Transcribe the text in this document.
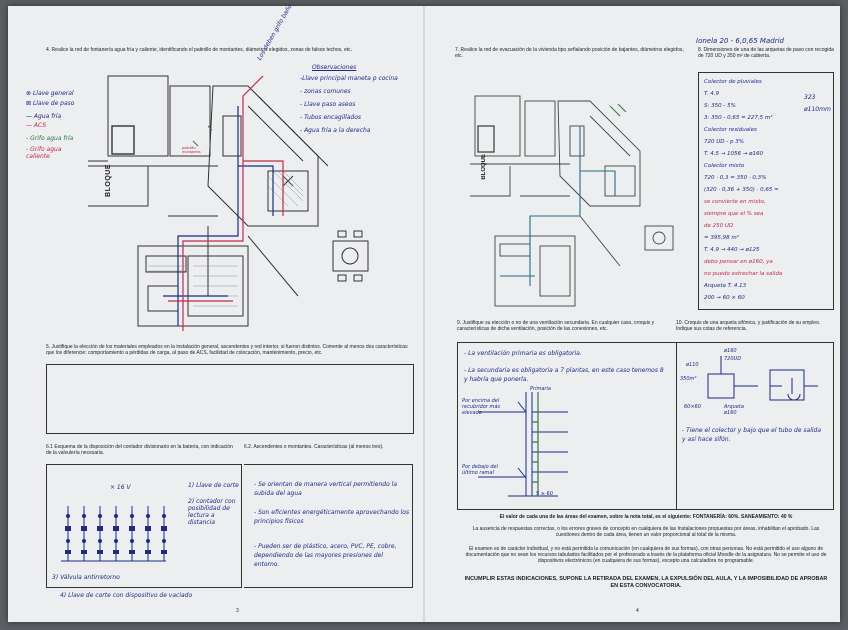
4. Realice la red de fontanería agua fría y caliente, identificando el patinillo de montantes, diámetros elegidos, zonas de falsos techos, etc.
BLOQUE
patinillo montantes
Los deben grifo baño
⊗ Llave general
⊠ Llave de paso
— Agua fría
— ACS
- Grifo agua fría
- Grifo agua caliente
Observaciones
-Llave principal maneta p cocina
- zonas comunes
- Llave paso aseos
- Tubos encagillados
- Agua fría a la derecha
5. Justifique la elección de los materiales empleados en la instalación general, ascendentes y red interior, si fueron distintos. Comente al menos dos características que los diferencie: comportamiento a pérdidas de carga, al paso de ACS, facilidad de colocación, mantenimiento, precio, etc.
6.1 Esquema de la disposición del contador divisionario en la batería, con indicación de la valvulería necesaria.
6.2. Ascendentes o montantes. Características (al menos tres).
× 16 V	1) Llave de corte
2) contador con posibilidad de lectura a distancia
3) Válvula antirretorno
4) Llave de corte con dispositivo de vaciado
- Se orientan de manera vertical permitiendo la subida del agua
- Son eficientes energéticamente aprovechando los principios físicos
- Pueden ser de plástico, acero, PVC, PE, cobre, dependiendo de las mayores presiones del entorno.
3
Ionela 20 - 6,0,65 Madrid
7. Realice la red de evacuación de la vivienda tipo señalando posición de bajantes, diámetros elegidos, etc.
8. Dimensiones de una de las arquetas de paso con recogida de 720 UD y 350 m² de cubierta.
BLOQUE
Colector de pluviales
T. 4.9
S: 350 - 5%
3: 350 - 0,65 = 227,5 m²
Colector residuales
720 UD - p 3%
T. 4.5 → 1056 → ø160
Colector mixto
720 · 0,3 = 350 · 0,3%
(320 · 0,36 + 350) · 0,65 =
se convierte en mixto,
siempre que el % sea
de 250 UD
= 395,98 m²
T. 4.9 → 440 → ø125
debo pensar en ø160, ya
no puedo estrechar la salida
Arqueta T. 4.13
200 → 60 × 60
323
ø110mm
9. Justifique su elección o no de una ventilación secundaria. En cualquier caso, croquis y características de dicha ventilación, posición de las conexiones, etc.
10. Croquis de una arqueta sifónica, y justificación de su empleo. Indique sus cotas de referencia.
- La ventilación primaria es obligatoria.
- La secundaria es obligatoria a 7 plantas, en este caso tenemos 8 y habría que ponerla.
Primaria
Por encima del recubridor más elevado
Por debajo del último ramal
S ≥ 60
ø110
350m²
ø160
720UD
60×60	Arqueta ø160
- Tiene el colector y bajo que el tubo de salida y así hace sifón.
El valor de cada una de las áreas del examen, sobre la nota total, es el siguiente: FONTANERÍA: 60%. SANEAMIENTO: 40 %
La ausencia de respuestas correctas, o los errores graves de concepto en cualquiera de las Instalaciones propuestas por áreas, inhabilitan el aprobado. Las cuestiones dentro de cada área, tienen un valor proporcional al total de la misma.
El examen es de carácter individual, y no está permitida la comunicación (en cualquiera de sus formas), con otras personas. No está permitido el uso alguno de documentación que no sean los recursos tabulados facilitados por el profesorado a través de la plataforma oficial Moodle de la asignatura. No se permite el uso de dispositivos electrónicos (en cualquiera de sus formas), excepto una calculadora no programable.
INCUMPLIR ESTAS INDICACIONES, SUPONE LA RETIRADA DEL EXAMEN, LA EXPULSIÓN DEL AULA, Y LA IMPOSIBILIDAD DE APROBAR EN ESTA CONVOCATORIA.
4
